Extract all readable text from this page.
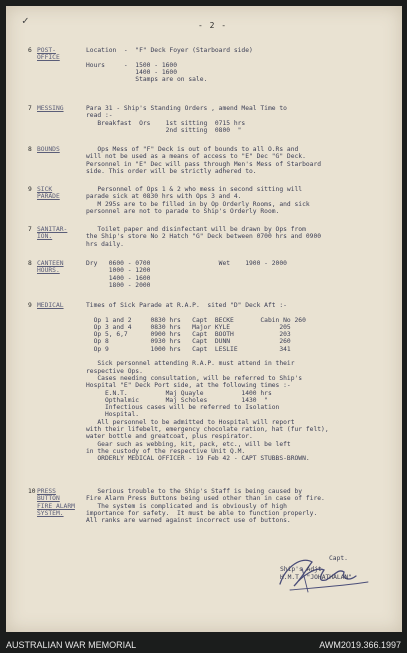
✓	- 2 -
6 POST-
OFFICE
Location  -  "F" Deck Foyer (Starboard side)

Hours     -  1500 - 1600
1400 - 1600
Stamps are on sale.
7 MESSING	Para 31 - Ship's Standing Orders , amend Meal Time to
read :-
Breakfast  Ors    1st sitting  0715 hrs
2nd sitting  0800  "
8 BOUNDS	Ops Mess of "F" Deck is out of bounds to all O.Rs and
will not be used as a means of access to "E" Dec "G" Deck.
Personnel in "E" Dec will pass through Men's Mess of Starboard
side. This order will be strictly adhered to.
9 SICK
PARADE
Personnel of Ops 1 & 2 who mess in second sitting will
parade sick at 0830 hrs with Ops 3 and 4.
M 295s are to be filled in by Op Orderly Rooms, and sick
personnel are not to parade to Ship's Orderly Room.
7 SANITAR-
ION.
Toilet paper and disinfectant will be drawn by Ops from
the Ship's store No 2 Hatch "G" Deck between 0700 hrs and 0900
hrs daily.
8 CANTEEN
HOURS.
Dry   0600 - 0700                  Wet    1900 - 2000
1000 - 1200
1400 - 1600
1800 - 2000
9 MEDICAL	Times of Sick Parade at R.A.P.  sited "D" Deck Aft :-

Op 1 and 2     0830 hrs   Capt  BECKE       Cabin No 260
Op 3 and 4     0830 hrs   Major KYLE             205
Op 5, 6,7      0900 hrs   Capt  BOOTH            203
Op 8           0930 hrs   Capt  DUNN             260
Op 9           1000 hrs   Capt  LESLIE           341

Sick personnel attending R.A.P. must attend in their
respective Ops.
Cases needing consultation, will be referred to Ship's
Hospital "E" Deck Port side, at the following times :-
E.N.T.          Maj Quayle          1400 hrs
Opthalmic       Maj Scholes         1430  "
Infectious cases will be referred to Isolation
Hospital.
All personnel to be admitted to Hospital will report
with their lifebelt, emergency chocolate ration, hat (fur felt),
water bottle and greatcoat, plus respirator.
Gear such as webbing, kit, pack, etc., will be left
in the custody of the respective Unit Q.M.
ORDERLY MEDICAL OFFICER - 19 Feb 42 - CAPT STUBBS-BROWN.
10 PRESS
BUTTON
FIRE ALARM
SYSTEM.
Serious trouble to the Ship's Staff is being caused by
Fire Alarm Press Buttons being used other than in case of fire.
The system is complicated and is obviously of high
importance for safety.  It must be able to function properly.
All ranks are warned against incorrect use of buttons.
Capt.
Ship's Adjt
H.M.T. "JOHATHALAN"
AUSTRALIAN WAR MEMORIAL	AWM2019.366.1997
